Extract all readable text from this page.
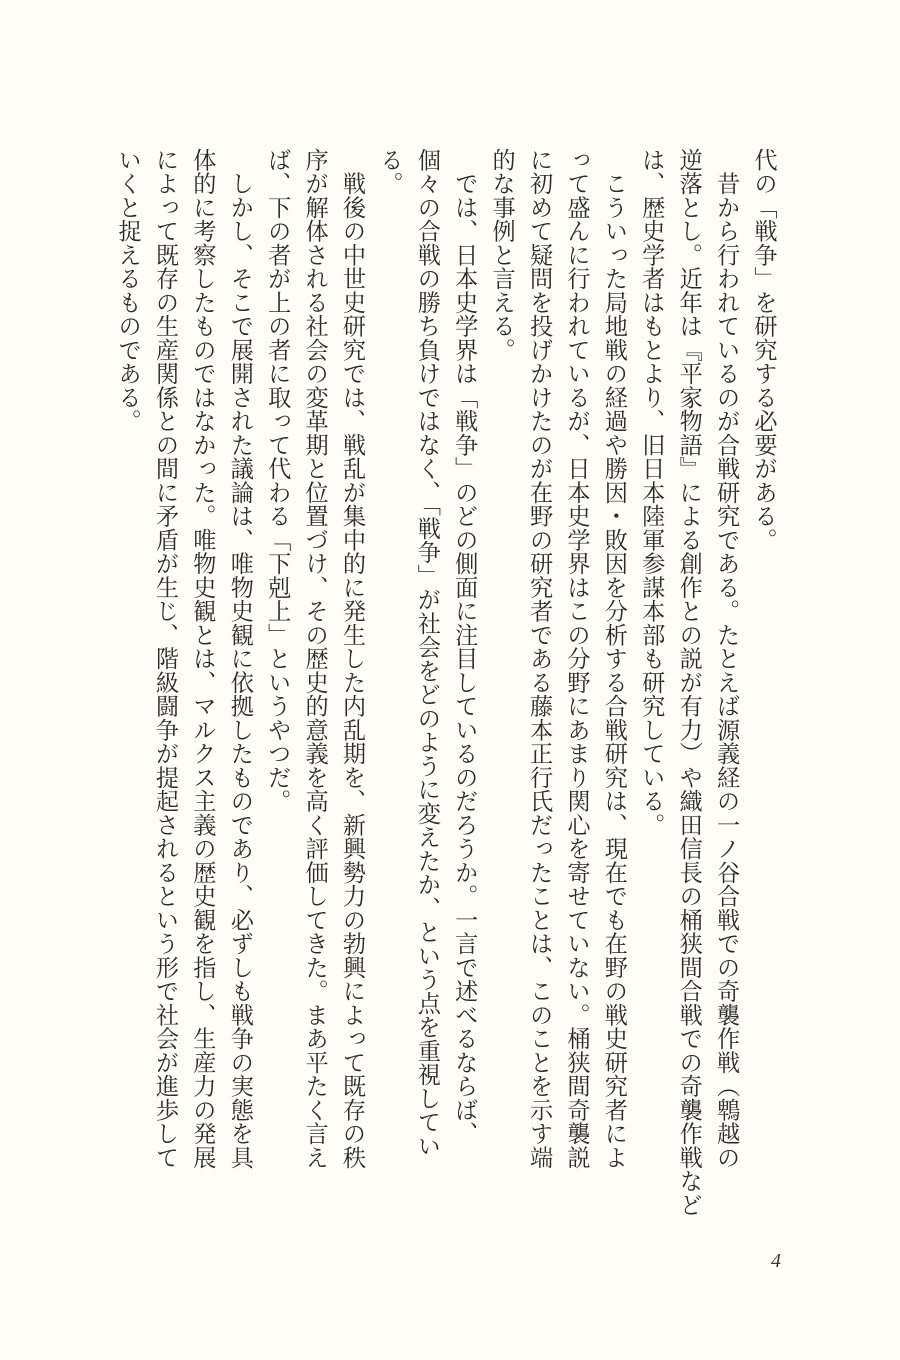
代の「戦争」を研究する必要がある。
　昔から行われているのが合戦研究である。たとえば源義経の一ノ谷合戦での奇襲作戦（鵯越の
逆落とし。近年は『平家物語』による創作との説が有力）や織田信長の桶狭間合戦での奇襲作戦など
は、歴史学者はもとより、旧日本陸軍参謀本部も研究している。
　こういった局地戦の経過や勝因・敗因を分析する合戦研究は、現在でも在野の戦史研究者によ
って盛んに行われているが、日本史学界はこの分野にあまり関心を寄せていない。桶狭間奇襲説
に初めて疑問を投げかけたのが在野の研究者である藤本正行氏だったことは、このことを示す端
的な事例と言える。
　では、日本史学界は「戦争」のどの側面に注目しているのだろうか。一言で述べるならば、
個々の合戦の勝ち負けではなく、「戦争」が社会をどのように変えたか、という点を重視してい
る。
　戦後の中世史研究では、戦乱が集中的に発生した内乱期を、新興勢力の勃興によって既存の秩
序が解体される社会の変革期と位置づけ、その歴史的意義を高く評価してきた。まあ平たく言え
ば、下の者が上の者に取って代わる「下剋上」というやつだ。
　しかし、そこで展開された議論は、唯物史観に依拠したものであり、必ずしも戦争の実態を具
体的に考察したものではなかった。唯物史観とは、マルクス主義の歴史観を指し、生産力の発展
によって既存の生産関係との間に矛盾が生じ、階級闘争が提起されるという形で社会が進歩して
いくと捉えるものである。
4
